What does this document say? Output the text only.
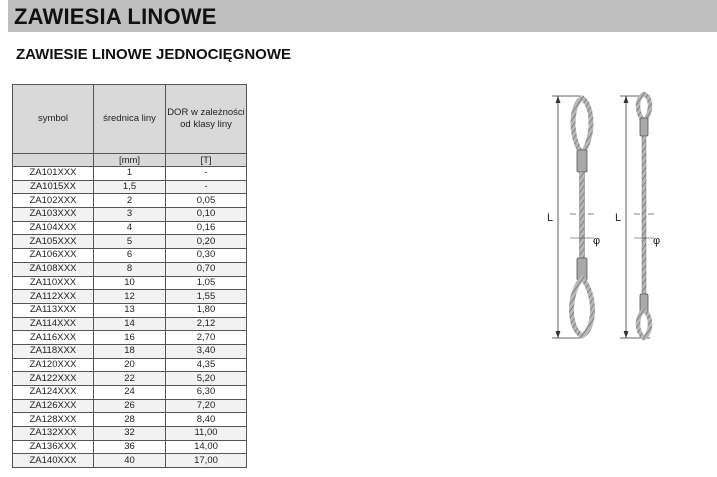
ZAWIESIA LINOWE
ZAWIESIE LINOWE JEDNOCIĘGNOWE
symbol	średnica liny	DOR w zależności od klasy liny
	[mm]	[T]
ZA101XXX	1	-
ZA1015XX	1,5	-
ZA102XXX	2	0,05
ZA103XXX	3	0,10
ZA104XXX	4	0,16
ZA105XXX	5	0,20
ZA106XXX	6	0,30
ZA108XXX	8	0,70
ZA110XXX	10	1,05
ZA112XXX	12	1,55
ZA113XXX	13	1,80
ZA114XXX	14	2,12
ZA116XXX	16	2,70
ZA118XXX	18	3,40
ZA120XXX	20	4,35
ZA122XXX	22	5,20
ZA124XXX	24	6,30
ZA126XXX	26	7,20
ZA128XXX	28	8,40
ZA132XXX	32	11,00
ZA136XXX	36	14,00
ZA140XXX	40	17,00
L
φ
L
φ
